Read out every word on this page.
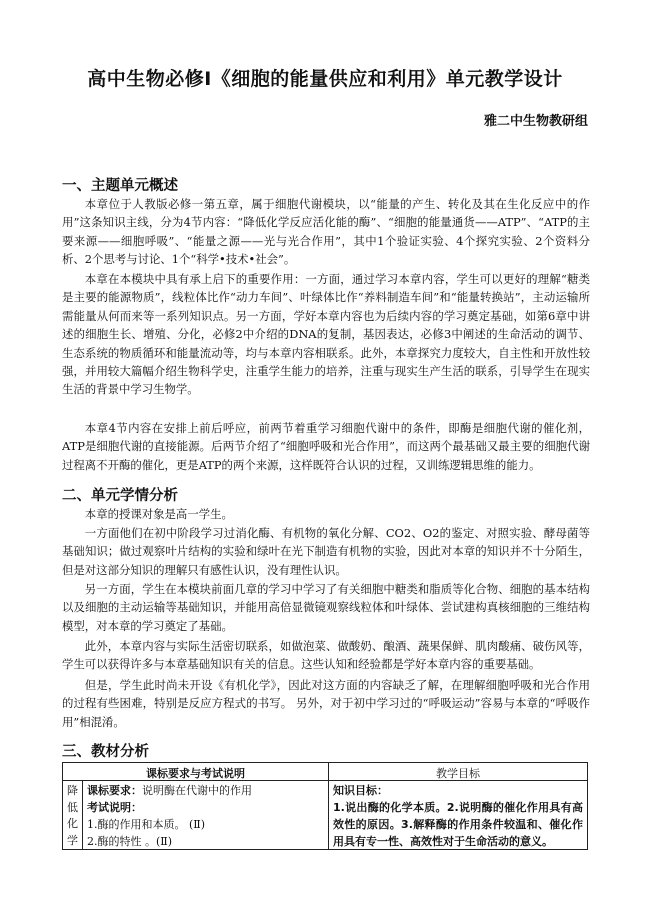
高中生物必修Ⅰ《细胞的能量供应和利用》单元教学设计
雅二中生物教研组
一、主题单元概述

本章位于人教版必修一第五章，属于细胞代谢模块，以“能量的产生、转化及其在生化反应中的作用”这条知识主线，分为4节内容：“降低化学反应活化能的酶”、“细胞的能量通货——ATP”、“ATP的主要来源——细胞呼吸”、“能量之源——光与光合作用”，其中1个验证实验、4个探究实验、2个资料分析、2个思考与讨论、1个“科学•技术•社会”。

本章在本模块中具有承上启下的重要作用：一方面，通过学习本章内容，学生可以更好的理解“糖类是主要的能源物质”，线粒体比作“动力车间”、叶绿体比作“养料制造车间”和“能量转换站”，主动运输所需能量从何而来等一系列知识点。另一方面，学好本章内容也为后续内容的学习奠定基础，如第6章中讲述的细胞生长、增殖、分化，必修2中介绍的DNA的复制，基因表达，必修3中阐述的生命活动的调节、生态系统的物质循环和能量流动等，均与本章内容相联系。此外，本章探究力度较大，自主性和开放性较强，并用较大篇幅介绍生物科学史，注重学生能力的培养，注重与现实生产生活的联系，引导学生在现实生活的背景中学习生物学。

本章4节内容在安排上前后呼应，前两节着重学习细胞代谢中的条件，即酶是细胞代谢的催化剂，ATP是细胞代谢的直接能源。后两节介绍了“细胞呼吸和光合作用”，而这两个最基础又最主要的细胞代谢过程离不开酶的催化，更是ATP的两个来源，这样既符合认识的过程，又训练逻辑思维的能力。

二、单元学情分析

本章的授课对象是高一学生。

一方面他们在初中阶段学习过消化酶、有机物的氧化分解、CO2、O2的鉴定、对照实验、酵母菌等基础知识；做过观察叶片结构的实验和绿叶在光下制造有机物的实验，因此对本章的知识并不十分陌生，但是对这部分知识的理解只有感性认识，没有理性认识。

另一方面，学生在本模块前面几章的学习中学习了有关细胞中糖类和脂质等化合物、细胞的基本结构以及细胞的主动运输等基础知识，并能用高倍显微镜观察线粒体和叶绿体、尝试建构真核细胞的三维结构模型，对本章的学习奠定了基础。

此外，本章内容与实际生活密切联系，如做泡菜、做酸奶、酿酒、蔬果保鲜、肌肉酸痛、破伤风等，学生可以获得许多与本章基础知识有关的信息。这些认知和经验都是学好本章内容的重要基础。

但是，学生此时尚未开设《有机化学》，因此对这方面的内容缺乏了解，在理解细胞呼吸和光合作用的过程有些困难，特别是反应方程式的书写。 另外，对于初中学习过的“呼吸运动”容易与本章的“呼吸作用”相混淆。

三、教材分析
课标要求与考试说明	教学目标
降低化学
课标要求：说明酶在代谢中的作用
考试说明：
1.酶的作用和本质。 (Ⅱ)
2.酶的特性 。(Ⅱ)
知识目标：
1.说出酶的化学本质。2.说明酶的催化作用具有高效性的原因。3.解释酶的作用条件较温和、催化作用具有专一性、高效性对于生命活动的意义。
